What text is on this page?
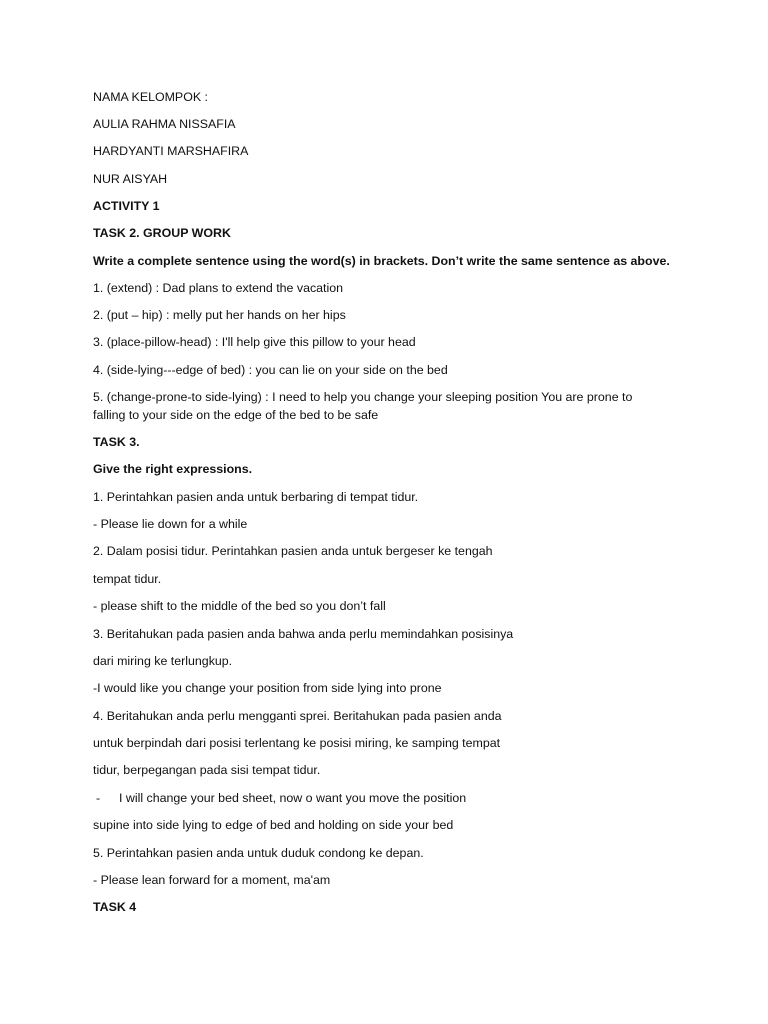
NAMA KELOMPOK :
AULIA RAHMA NISSAFIA
HARDYANTI MARSHAFIRA
NUR AISYAH
ACTIVITY 1
TASK 2. GROUP WORK
Write a complete sentence using the word(s) in brackets. Don’t write the same sentence as above.
1. (extend) : Dad plans to extend the vacation
2. (put – hip) : melly put her hands on her hips
3. (place-pillow-head) : I'll help give this pillow to your head
4. (side-lying---edge of bed) : you can lie on your side on the bed
5. (change-prone-to side-lying) : I need to help you change your sleeping position You are prone to
falling to your side on the edge of the bed to be safe
TASK 3.
Give the right expressions.
1. Perintahkan pasien anda untuk berbaring di tempat tidur.
- Please lie down for a while
2. Dalam posisi tidur. Perintahkan pasien anda untuk bergeser ke tengah
tempat tidur.
- please shift to the middle of the bed so you don’t fall
3. Beritahukan pada pasien anda bahwa anda perlu memindahkan posisinya
dari miring ke terlungkup.
-I would like you change your position from side lying into prone
4. Beritahukan anda perlu mengganti sprei. Beritahukan pada pasien anda
untuk berpindah dari posisi terlentang ke posisi miring, ke samping tempat
tidur, berpegangan pada sisi tempat tidur.
- I will change your bed sheet, now o want you move the position
supine into side lying to edge of bed and holding on side your bed
5. Perintahkan pasien anda untuk duduk condong ke depan.
- Please lean forward for a moment, ma'am
TASK 4
